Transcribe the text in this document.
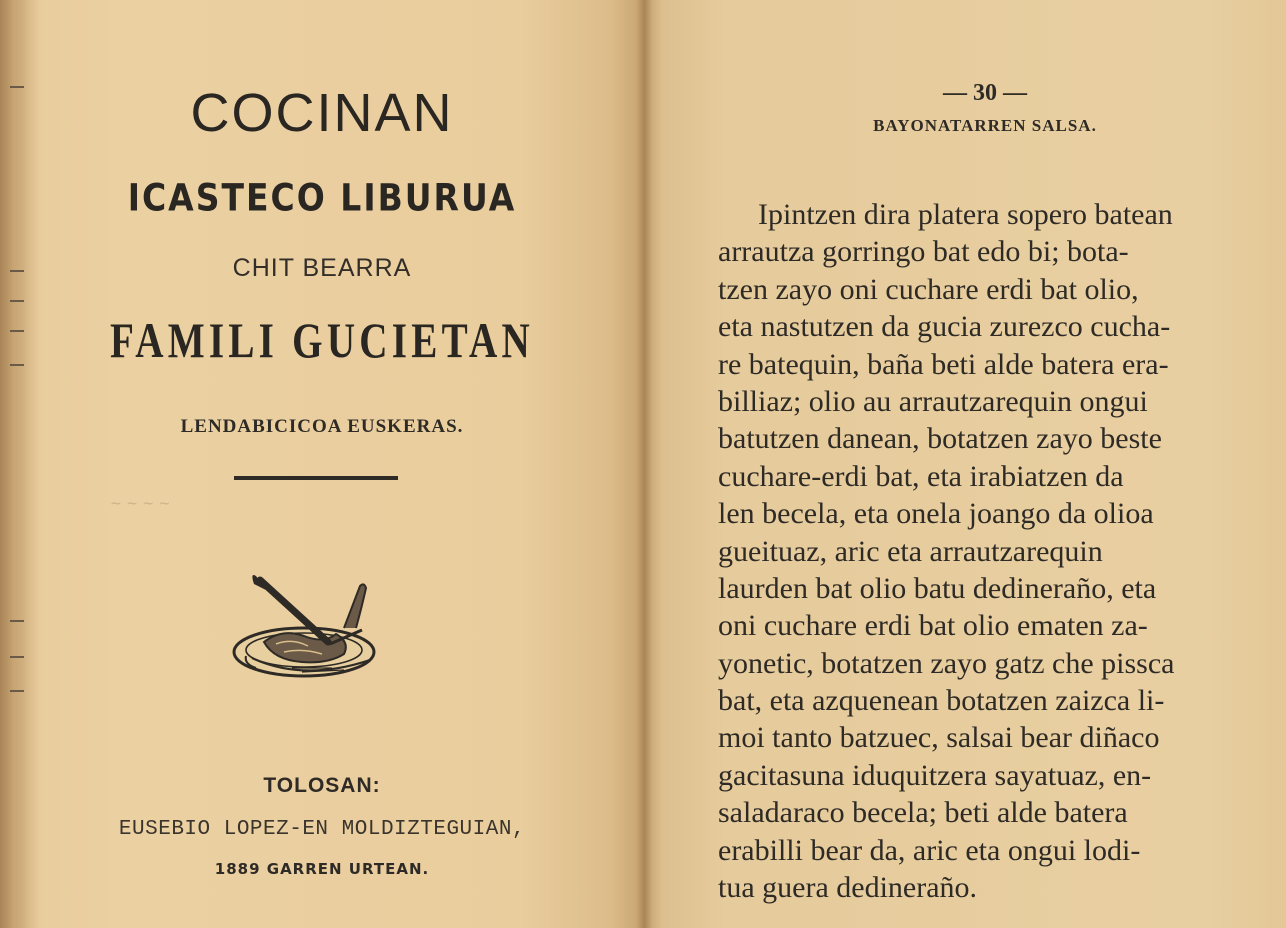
COCINAN
ICASTECO LIBURUA
CHIT BEARRA
FAMILI GUCIETAN
LENDABICICOA EUSKERAS.
~ ~ ~ ~
TOLOSAN:
EUSEBIO LOPEZ-EN MOLDIZTEGUIAN,
1889 GARREN URTEAN.
— 30 —
BAYONATARREN SALSA.
Ipintzen dira platera sopero batean
arrautza gorringo bat edo bi; bota-
tzen zayo oni cuchare erdi bat olio,
eta nastutzen da gucia zurezco cucha-
re batequin, baña beti alde batera era-
billiaz; olio au arrautzarequin ongui
batutzen danean, botatzen zayo beste
cuchare-erdi bat, eta irabiatzen da
len becela, eta onela joango da olioa
gueituaz, aric eta arrautzarequin
laurden bat olio batu dedineraño, eta
oni cuchare erdi bat olio ematen za-
yonetic, botatzen zayo gatz che pissca
bat, eta azquenean botatzen zaizca li-
moi tanto batzuec, salsai bear diñaco
gacitasuna iduquitzera sayatuaz, en-
saladaraco becela; beti alde batera
erabilli bear da, aric eta ongui lodi-
tua guera dedineraño.
